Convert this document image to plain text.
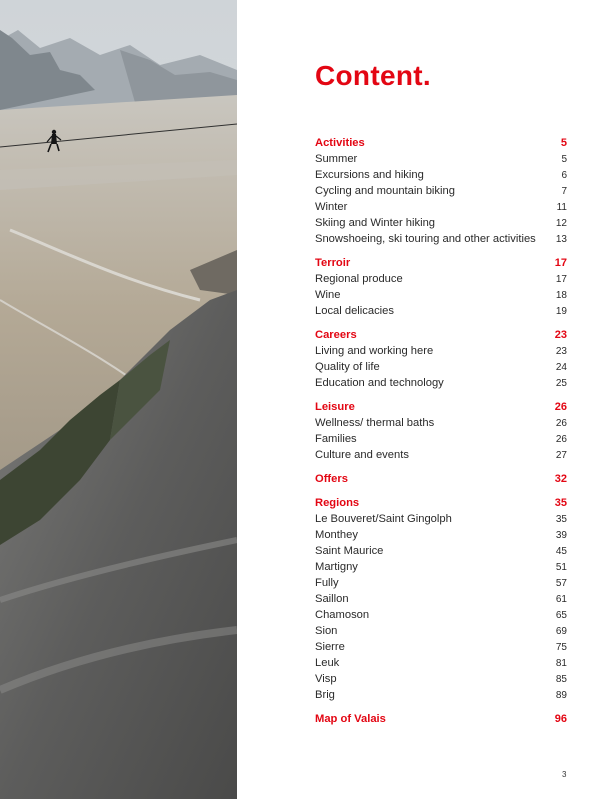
Content.
Activities	5
Summer	5
Excursions and hiking	6
Cycling and mountain biking	7
Winter	11
Skiing and Winter hiking	12
Snowshoeing, ski touring and other activities 13
Terroir	17
Regional produce	17
Wine	18
Local delicacies	19
Careers	23
Living and working here	23
Quality of life	24
Education and technology	25
Leisure	26
Wellness/ thermal baths	26
Families	26
Culture and events	27
Offers	32
Regions	35
Le Bouveret/Saint Gingolph	35
Monthey	39
Saint Maurice	45
Martigny	51
Fully	57
Saillon	61
Chamoson	65
Sion	69
Sierre	75
Leuk	81
Visp	85
Brig	89
Map of Valais	96
3
